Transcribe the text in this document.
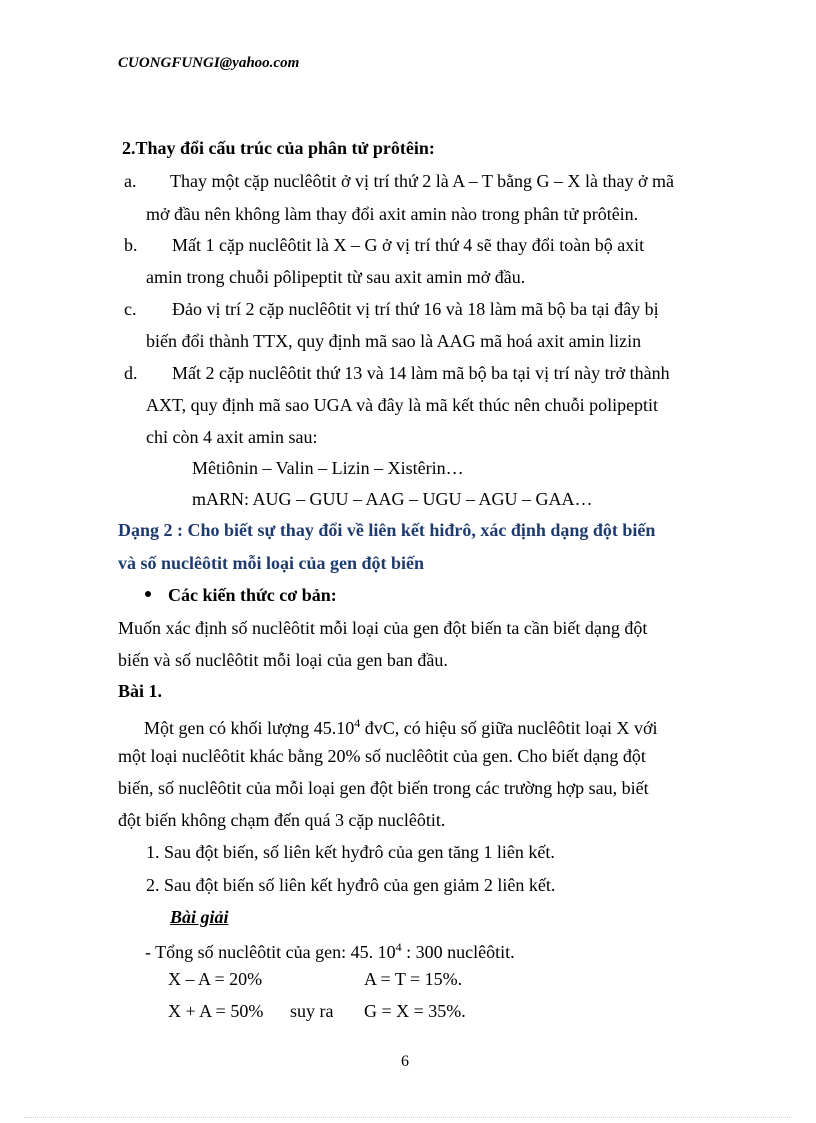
CUONGFUNGI@yahoo.com
2.Thay đổi cấu trúc của phân tử prôtêin:
a. Thay một cặp nuclêôtit ở vị trí thứ 2 là A – T bằng G – X là thay ở mã
mở đầu nên không làm thay đổi axit amin nào trong phân tử prôtêin.
b. Mất 1 cặp nuclêôtit là X – G ở vị trí thứ 4 sẽ thay đổi toàn bộ axit
amin trong chuỗi pôlipeptit từ sau axit amin mở đầu.
c. Đảo vị trí 2 cặp nuclêôtit vị trí thứ 16 và 18 làm mã bộ ba tại đây bị
biến đổi thành TTX, quy định mã sao là AAG mã hoá axit amin lizin
d. Mất 2 cặp nuclêôtit thứ 13 và 14 làm mã bộ ba tại vị trí này trở thành
AXT, quy định mã sao UGA và đây là mã kết thúc nên chuỗi polipeptit
chỉ còn 4 axit amin sau:
Mêtiônin – Valin – Lizin – Xistêrin…
mARN: AUG – GUU – AAG – UGU – AGU – GAA…
Dạng 2 : Cho biết sự thay đổi về liên kết hiđrô, xác định dạng đột biến
và số nuclêôtit mỗi loại của gen đột biến
Các kiến thức cơ bản:
Muốn xác định số nuclêôtit mỗi loại của gen đột biến ta cần biết dạng đột
biến và số nuclêôtit mỗi loại của gen ban đầu.
Bài 1.
Một gen có khối lượng 45.10$^4$ đvC, có hiệu số giữa nuclêôtit loại X với
một loại nuclêôtit khác bằng 20% số nuclêôtit của gen. Cho biết dạng đột
biến, số nuclêôtit của mỗi loại gen đột biến trong các trường hợp sau, biết
đột biến không chạm đến quá 3 cặp nuclêôtit.
1. Sau đột biến, số liên kết hyđrô của gen tăng 1 liên kết.
2. Sau đột biến số liên kết hyđrô của gen giảm 2 liên kết.
Bài giải
- Tổng số nuclêôtit của gen: 45. $10^4$ : 300 nuclêôtit.
X – A = 20%	A = T = 15%.
X + A = 50% suy ra G = X = 35%.
6
